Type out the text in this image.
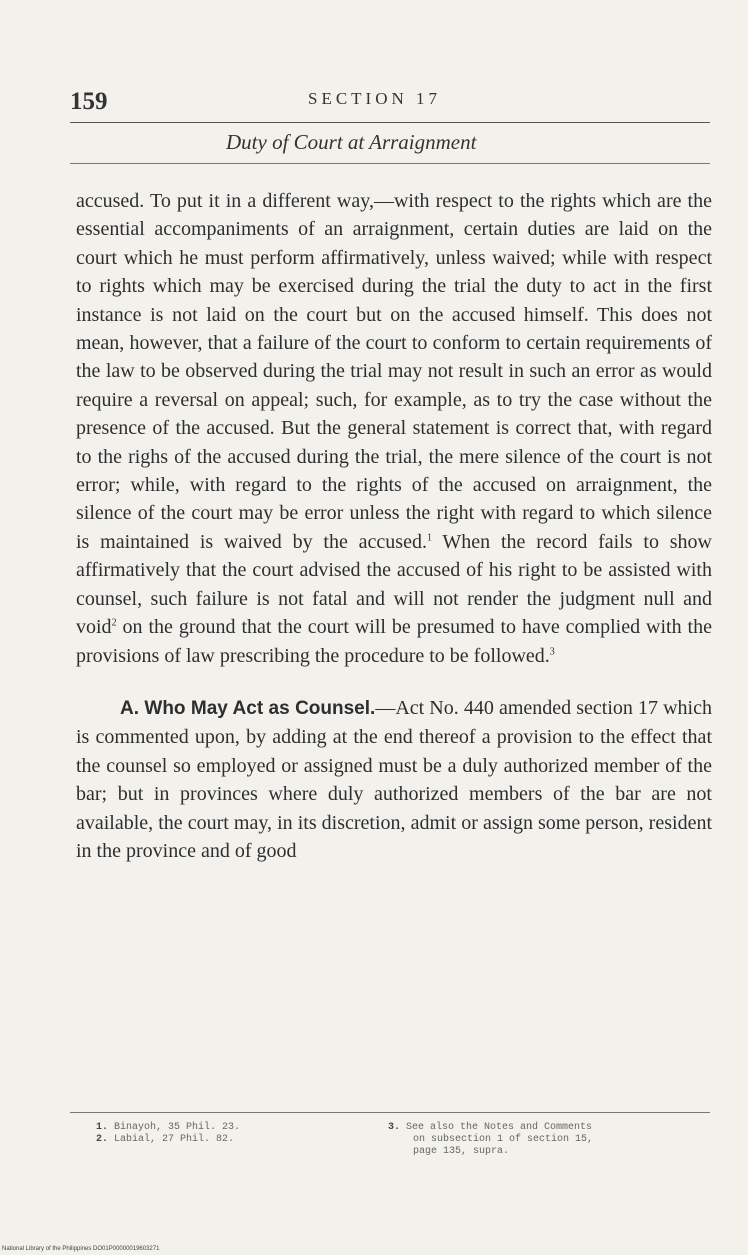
159	SECTION 17
Duty of Court at Arraignment

accused. To put it in a different way,—with respect to the rights which are the essential accompaniments of an arraignment, certain duties are laid on the court which he must perform affirmatively, unless waived; while with respect to rights which may be exercised during the trial the duty to act in the first instance is not laid on the court but on the accused himself. This does not mean, however, that a failure of the court to conform to certain requirements of the law to be observed during the trial may not result in such an error as would require a reversal on appeal; such, for example, as to try the case without the presence of the accused. But the general statement is correct that, with regard to the righs of the accused during the trial, the mere silence of the court is not error; while, with regard to the rights of the accused on arraignment, the silence of the court may be error unless the right with regard to which silence is maintained is waived by the accused.$^1$ When the record fails to show affirmatively that the court advised the accused of his right to be assisted with counsel, such failure is not fatal and will not render the judgment null and void$^2$ on the ground that the court will be presumed to have complied with the provisions of law prescribing the procedure to be followed.$^3$

A. Who May Act as Counsel.—Act No. 440 amended section 17 which is commented upon, by adding at the end thereof a provision to the effect that the counsel so employed or assigned must be a duly authorized member of the bar; but in provinces where duly authorized members of the bar are not available, the court may, in its discretion, admit or assign some person, resident in the province and of good

1. Binayoh, 35 Phil. 23.
2. Labial, 27 Phil. 82.
3. See also the Notes and Comments
on subsection 1 of section 15,
page 135, supra.
National Library of the Philippines DO01P00000019603271
